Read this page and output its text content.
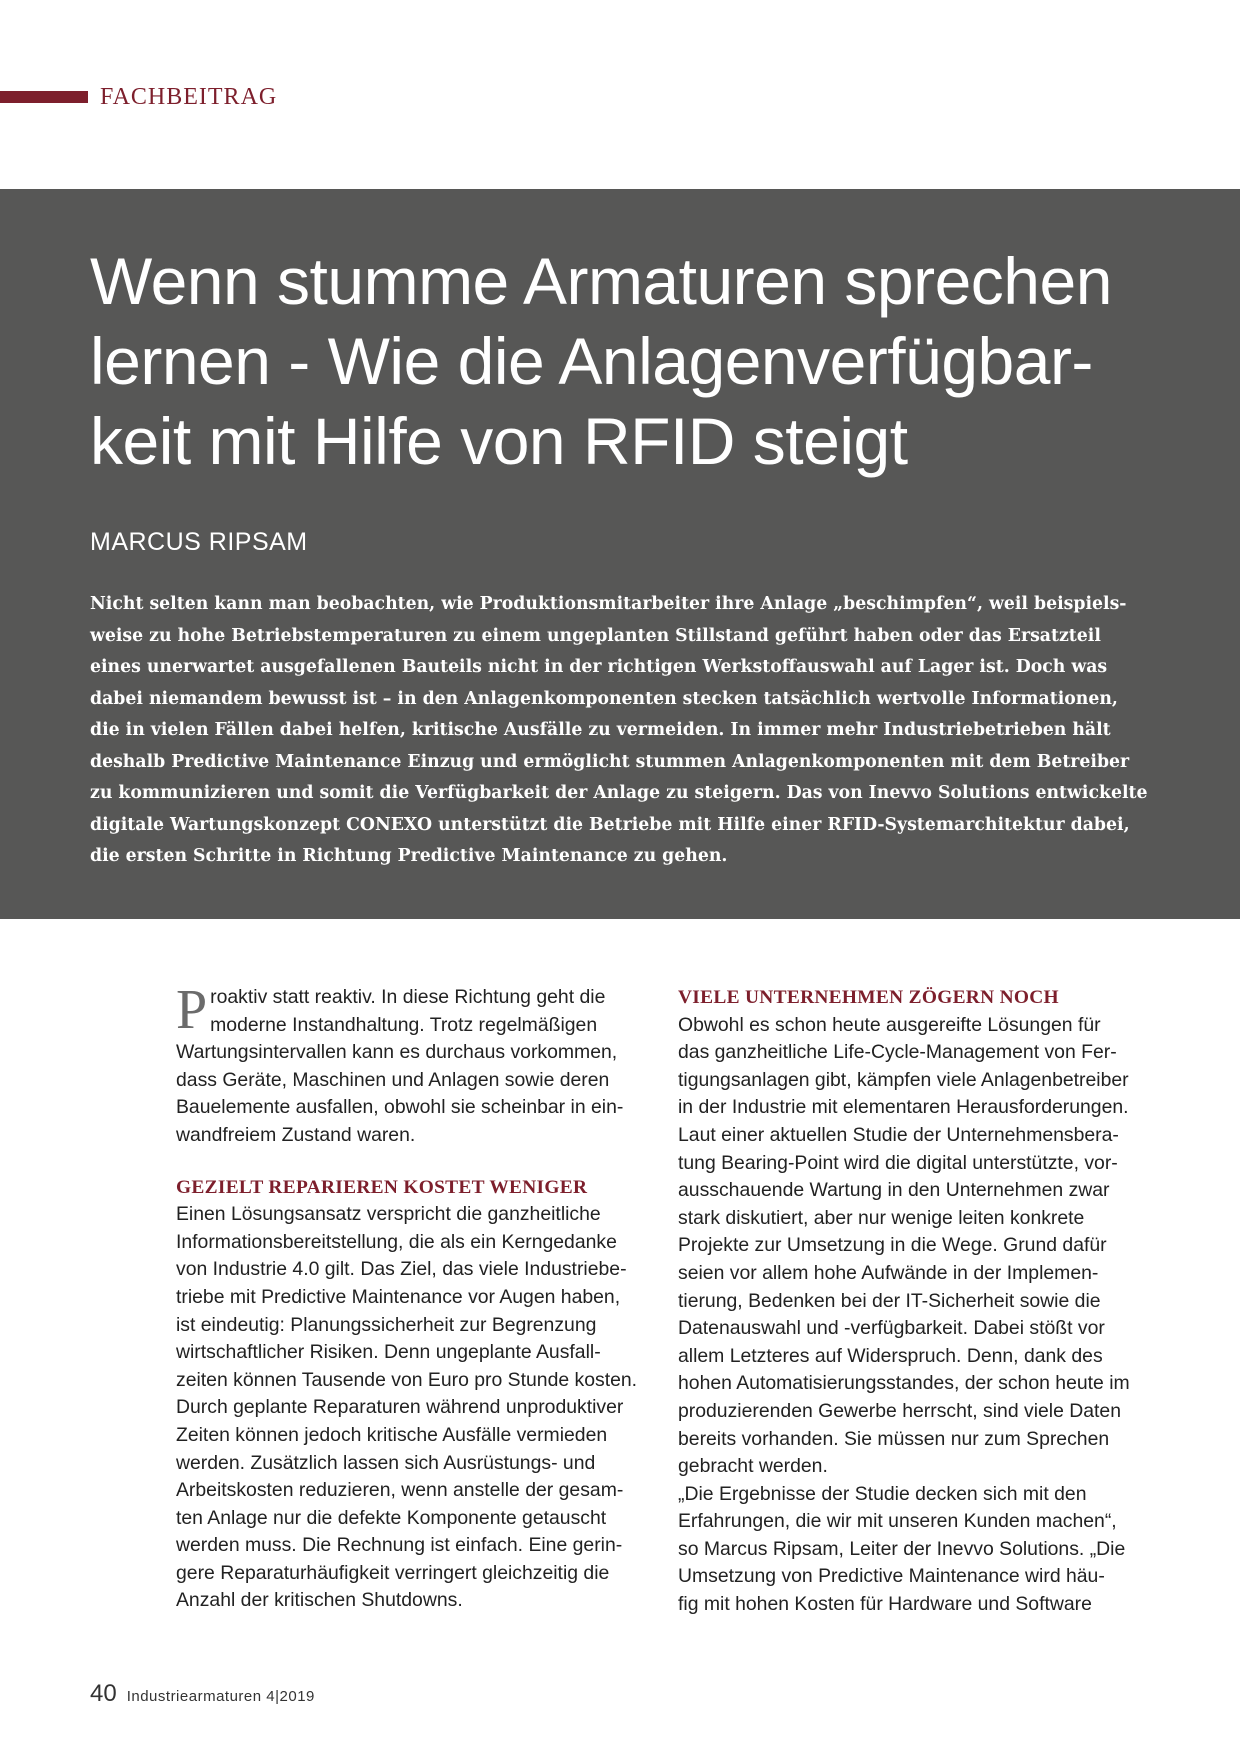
FACHBEITRAG
Wenn stumme Armaturen sprechen
lernen - Wie die Anlagenverfügbar-
keit mit Hilfe von RFID steigt
MARCUS RIPSAM
Nicht selten kann man beobachten, wie Produktionsmitarbeiter ihre Anlage „beschimpfen“, weil beispiels-
weise zu hohe Betriebstemperaturen zu einem ungeplanten Stillstand geführt haben oder das Ersatzteil
eines unerwartet ausgefallenen Bauteils nicht in der richtigen Werkstoffauswahl auf Lager ist. Doch was
dabei niemandem bewusst ist – in den Anlagenkomponenten stecken tatsächlich wertvolle Informationen,
die in vielen Fällen dabei helfen, kritische Ausfälle zu vermeiden. In immer mehr Industriebetrieben hält
deshalb Predictive Maintenance Einzug und ermöglicht stummen Anlagenkomponenten mit dem Betreiber
zu kommunizieren und somit die Verfügbarkeit der Anlage zu steigern. Das von Inevvo Solutions entwickelte
digitale Wartungskonzept CONEXO unterstützt die Betriebe mit Hilfe einer RFID-Systemarchitektur dabei,
die ersten Schritte in Richtung Predictive Maintenance zu gehen.
P roaktiv statt reaktiv. In diese Richtung geht die
moderne Instandhaltung. Trotz regelmäßigen
Wartungsintervallen kann es durchaus vorkommen,
dass Geräte, Maschinen und Anlagen sowie deren
Bauelemente ausfallen, obwohl sie scheinbar in ein-
wandfreiem Zustand waren.
GEZIELT REPARIEREN KOSTET WENIGER
Einen Lösungsansatz verspricht die ganzheitliche
Informationsbereitstellung, die als ein Kerngedanke
von Industrie 4.0 gilt. Das Ziel, das viele Industriebe-
triebe mit Predictive Maintenance vor Augen haben,
ist eindeutig: Planungssicherheit zur Begrenzung
wirtschaftlicher Risiken. Denn ungeplante Ausfall-
zeiten können Tausende von Euro pro Stunde kosten.
Durch geplante Reparaturen während unproduktiver
Zeiten können jedoch kritische Ausfälle vermieden
werden. Zusätzlich lassen sich Ausrüstungs- und
Arbeitskosten reduzieren, wenn anstelle der gesam-
ten Anlage nur die defekte Komponente getauscht
werden muss. Die Rechnung ist einfach. Eine gerin-
gere Reparaturhäufigkeit verringert gleichzeitig die
Anzahl der kritischen Shutdowns.
VIELE UNTERNEHMEN ZÖGERN NOCH
Obwohl es schon heute ausgereifte Lösungen für
das ganzheitliche Life-Cycle-Management von Fer-
tigungsanlagen gibt, kämpfen viele Anlagenbetreiber
in der Industrie mit elementaren Herausforderungen.
Laut einer aktuellen Studie der Unternehmensbera-
tung Bearing-Point wird die digital unterstützte, vor-
ausschauende Wartung in den Unternehmen zwar
stark diskutiert, aber nur wenige leiten konkrete
Projekte zur Umsetzung in die Wege. Grund dafür
seien vor allem hohe Aufwände in der Implemen-
tierung, Bedenken bei der IT-Sicherheit sowie die
Datenauswahl und -verfügbarkeit. Dabei stößt vor
allem Letzteres auf Widerspruch. Denn, dank des
hohen Automatisierungsstandes, der schon heute im
produzierenden Gewerbe herrscht, sind viele Daten
bereits vorhanden. Sie müssen nur zum Sprechen
gebracht werden.
„Die Ergebnisse der Studie decken sich mit den
Erfahrungen, die wir mit unseren Kunden machen“,
so Marcus Ripsam, Leiter der Inevvo Solutions. „Die
Umsetzung von Predictive Maintenance wird häu-
fig mit hohen Kosten für Hardware und Software
40 Industriearmaturen 4|2019
